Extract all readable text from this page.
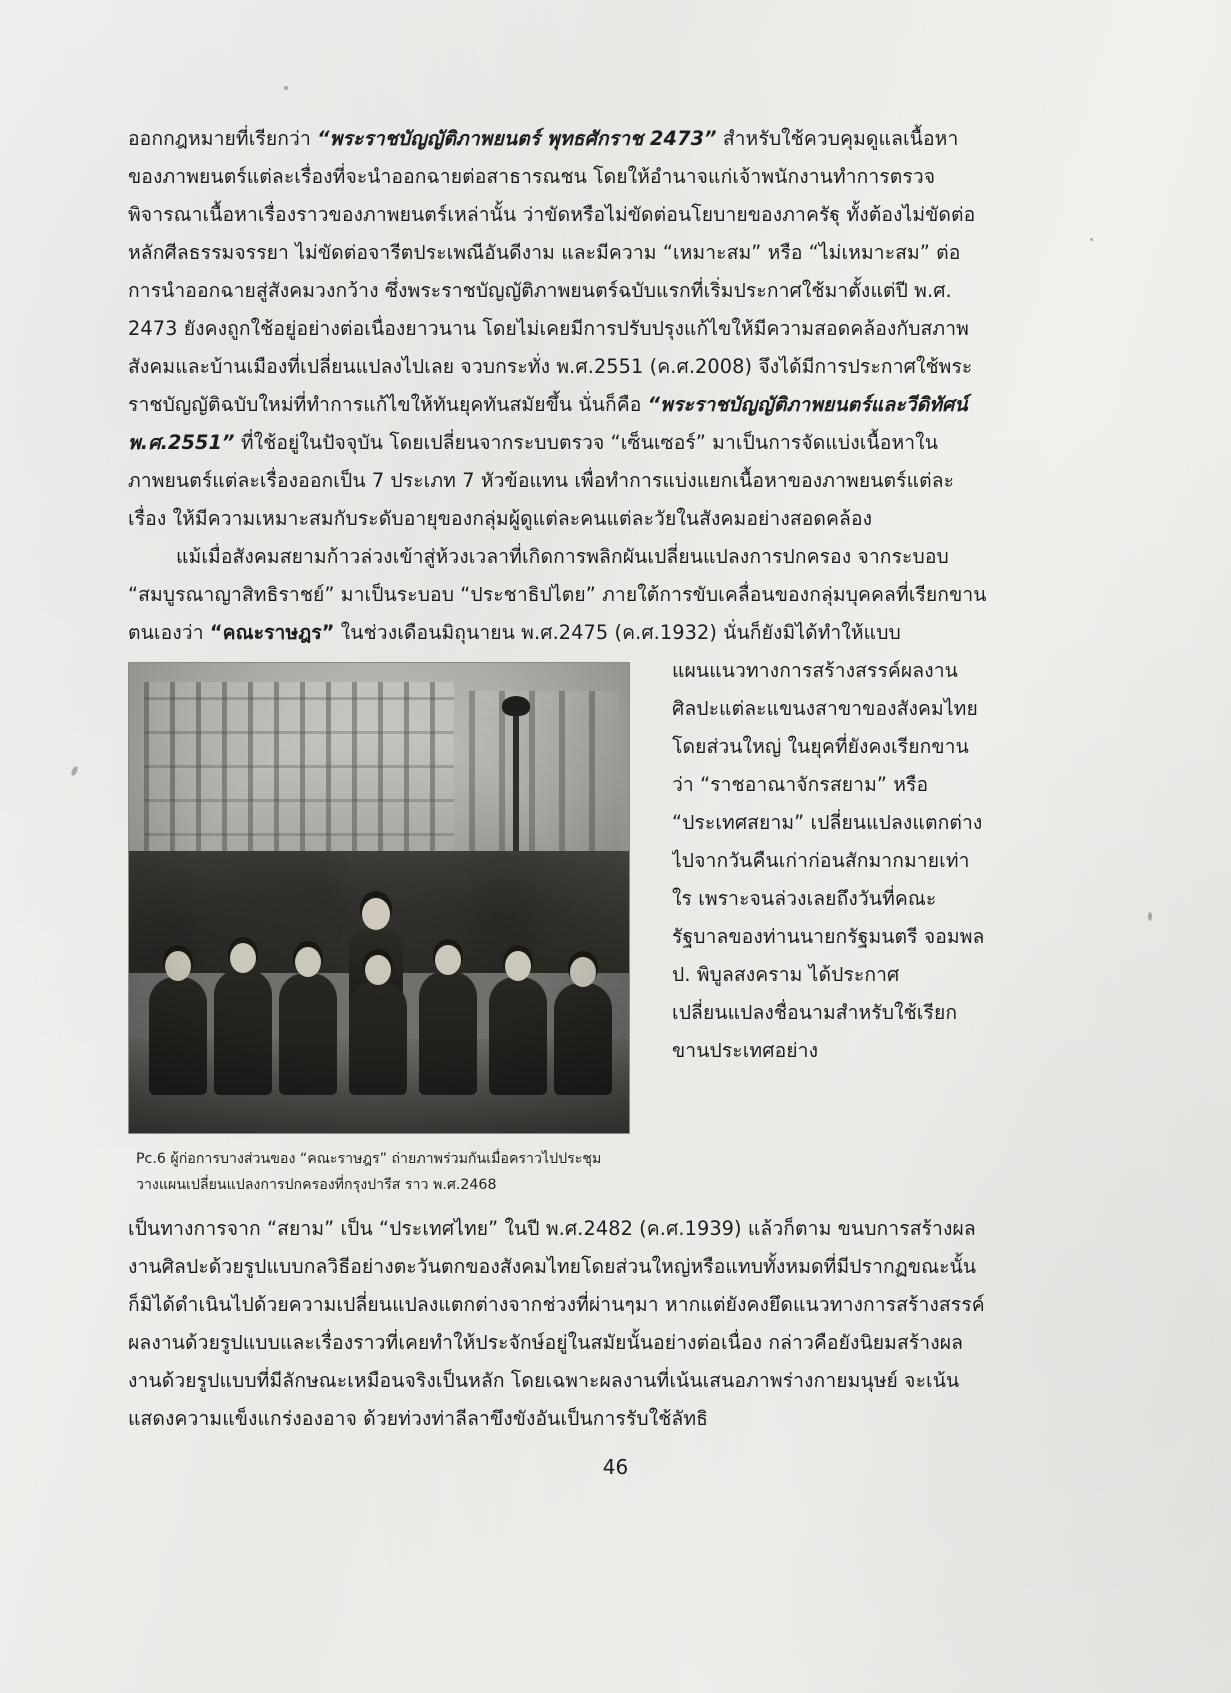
ออกกฎหมายที่เรียกว่า “พระราชบัญญัติภาพยนตร์ พุทธศักราช 2473” สำหรับใช้ควบคุมดูแลเนื้อหาของภาพยนตร์แต่ละเรื่องที่จะนำออกฉายต่อสาธารณชน โดยให้อำนาจแก่เจ้าพนักงานทำการตรวจพิจารณาเนื้อหาเรื่องราวของภาพยนตร์เหล่านั้น ว่าขัดหรือไม่ขัดต่อนโยบายของภาครัฐุ ทั้งต้องไม่ขัดต่อหลักศีลธรรมจรรยา ไม่ขัดต่อจารีตประเพณีอันดีงาม และมีความ “เหมาะสม” หรือ “ไม่เหมาะสม” ต่อการนำออกฉายสู่สังคมวงกว้าง ซึ่งพระราชบัญญัติภาพยนตร์ฉบับแรกที่เริ่มประกาศใช้มาตั้งแต่ปี พ.ศ. 2473 ยังคงถูกใช้อยู่อย่างต่อเนื่องยาวนาน โดยไม่เคยมีการปรับปรุงแก้ไขให้มีความสอดคล้องกับสภาพสังคมและบ้านเมืองที่เปลี่ยนแปลงไปเลย จวบกระทั่ง พ.ศ.2551 (ค.ศ.2008) จึงได้มีการประกาศใช้พระราชบัญญัติฉบับใหม่ที่ทำการแก้ไขให้ทันยุคทันสมัยขึ้น นั่นก็คือ “พระราชบัญญัติภาพยนตร์และวีดิทัศน์ พ.ศ.2551” ที่ใช้อยู่ในปัจจุบัน โดยเปลี่ยนจากระบบตรวจ “เซ็นเซอร์” มาเป็นการจัดแบ่งเนื้อหาในภาพยนตร์แต่ละเรื่องออกเป็น 7 ประเภท 7 หัวข้อแทน เพื่อทำการแบ่งแยกเนื้อหาของภาพยนตร์แต่ละเรื่อง ให้มีความเหมาะสมกับระดับอายุของกลุ่มผู้ดูแต่ละคนแต่ละวัยในสังคมอย่างสอดคล้อง

แม้เมื่อสังคมสยามก้าวล่วงเข้าสู่ห้วงเวลาที่เกิดการพลิกผันเปลี่ยนแปลงการปกครอง จากระบอบ “สมบูรณาญาสิทธิราชย์” มาเป็นระบอบ “ประชาธิปไตย” ภายใต้การขับเคลื่อนของกลุ่มบุคคลที่เรียกขานตนเองว่า “คณะราษฎร” ในช่วงเดือนมิถุนายน พ.ศ.2475 (ค.ศ.1932) นั่นก็ยังมิได้ทำให้แบบ

Pc.6 ผู้ก่อการบางส่วนของ “คณะราษฎร” ถ่ายภาพร่วมกันเมื่อคราวไปประชุมวางแผนเปลี่ยนแปลงการปกครองที่กรุงปารีส ราว พ.ศ.2468
แผนแนวทางการสร้างสรรค์ผลงานศิลปะแต่ละแขนงสาขาของสังคมไทยโดยส่วนใหญ่ ในยุคที่ยังคงเรียกขานว่า “ราชอาณาจักรสยาม” หรือ “ประเทศสยาม” เปลี่ยนแปลงแตกต่างไปจากวันคืนเก่าก่อนสักมากมายเท่าใร เพราะจนล่วงเลยถึงวันที่คณะรัฐบาลของท่านนายกรัฐมนตรี จอมพล ป. พิบูลสงคราม ได้ประกาศเปลี่ยนแปลงชื่อนามสำหรับใช้เรียกขานประเทศอย่าง
เป็นทางการจาก “สยาม” เป็น “ประเทศไทย” ในปี พ.ศ.2482 (ค.ศ.1939) แล้วก็ตาม ขนบการสร้างผลงานศิลปะด้วยรูปแบบกลวิธีอย่างตะวันตกของสังคมไทยโดยส่วนใหญ่หรือแทบทั้งหมดที่มีปรากฏขณะนั้น ก็มิได้ดำเนินไปด้วยความเปลี่ยนแปลงแตกต่างจากช่วงที่ผ่านๆมา หากแต่ยังคงยึดแนวทางการสร้างสรรค์ผลงานด้วยรูปแบบและเรื่องราวที่เคยทำให้ประจักษ์อยู่ในสมัยนั้นอย่างต่อเนื่อง กล่าวคือยังนิยมสร้างผลงานด้วยรูปแบบที่มีลักษณะเหมือนจริงเป็นหลัก โดยเฉพาะผลงานที่เน้นเสนอภาพร่างกายมนุษย์ จะเน้นแสดงความแข็งแกร่งองอาจ ด้วยท่วงท่าลีลาขึงขังอันเป็นการรับใช้ลัทธิ
46
